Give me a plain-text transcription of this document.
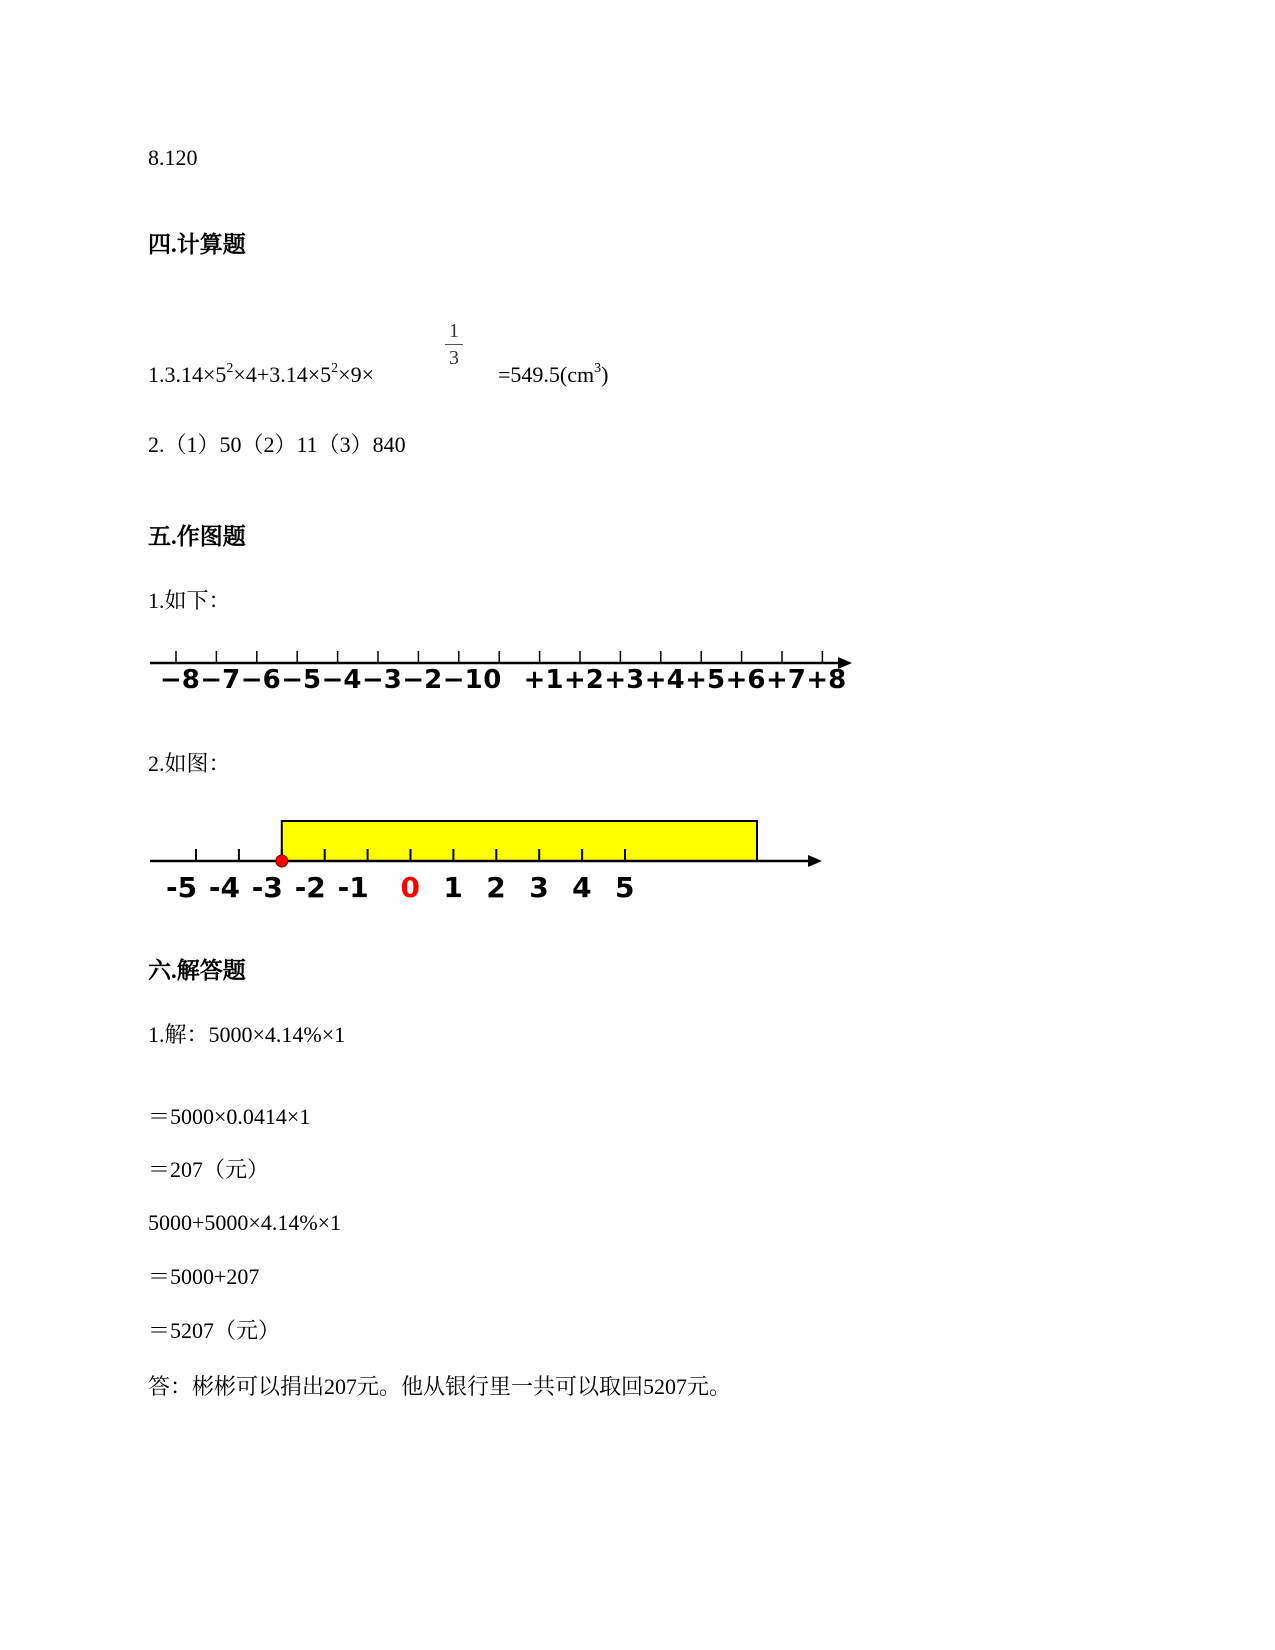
8.120
四.计算题
$1.3.14\times 5^2\times 4+3.14\times 5^2\times 9\times$
1
3
$=549.5(cm^3)$
2.（1）50（2）11（3）840
五.作图题
1.如下：
−8 −7 −6 −5 −4 −3 −2 −1 0 +1 +2 +3 +4 +5 +6 +7 +8
2.如图：
-5 -4 -3 -2 -1 0 1 2 3 4 5
六.解答题
1.解：5000×4.14%×1
＝5000×0.0414×1
＝207（元）
5000+5000×4.14%×1
＝5000+207
＝5207（元）
答：彬彬可以捐出207元。他从银行里一共可以取回5207元。
